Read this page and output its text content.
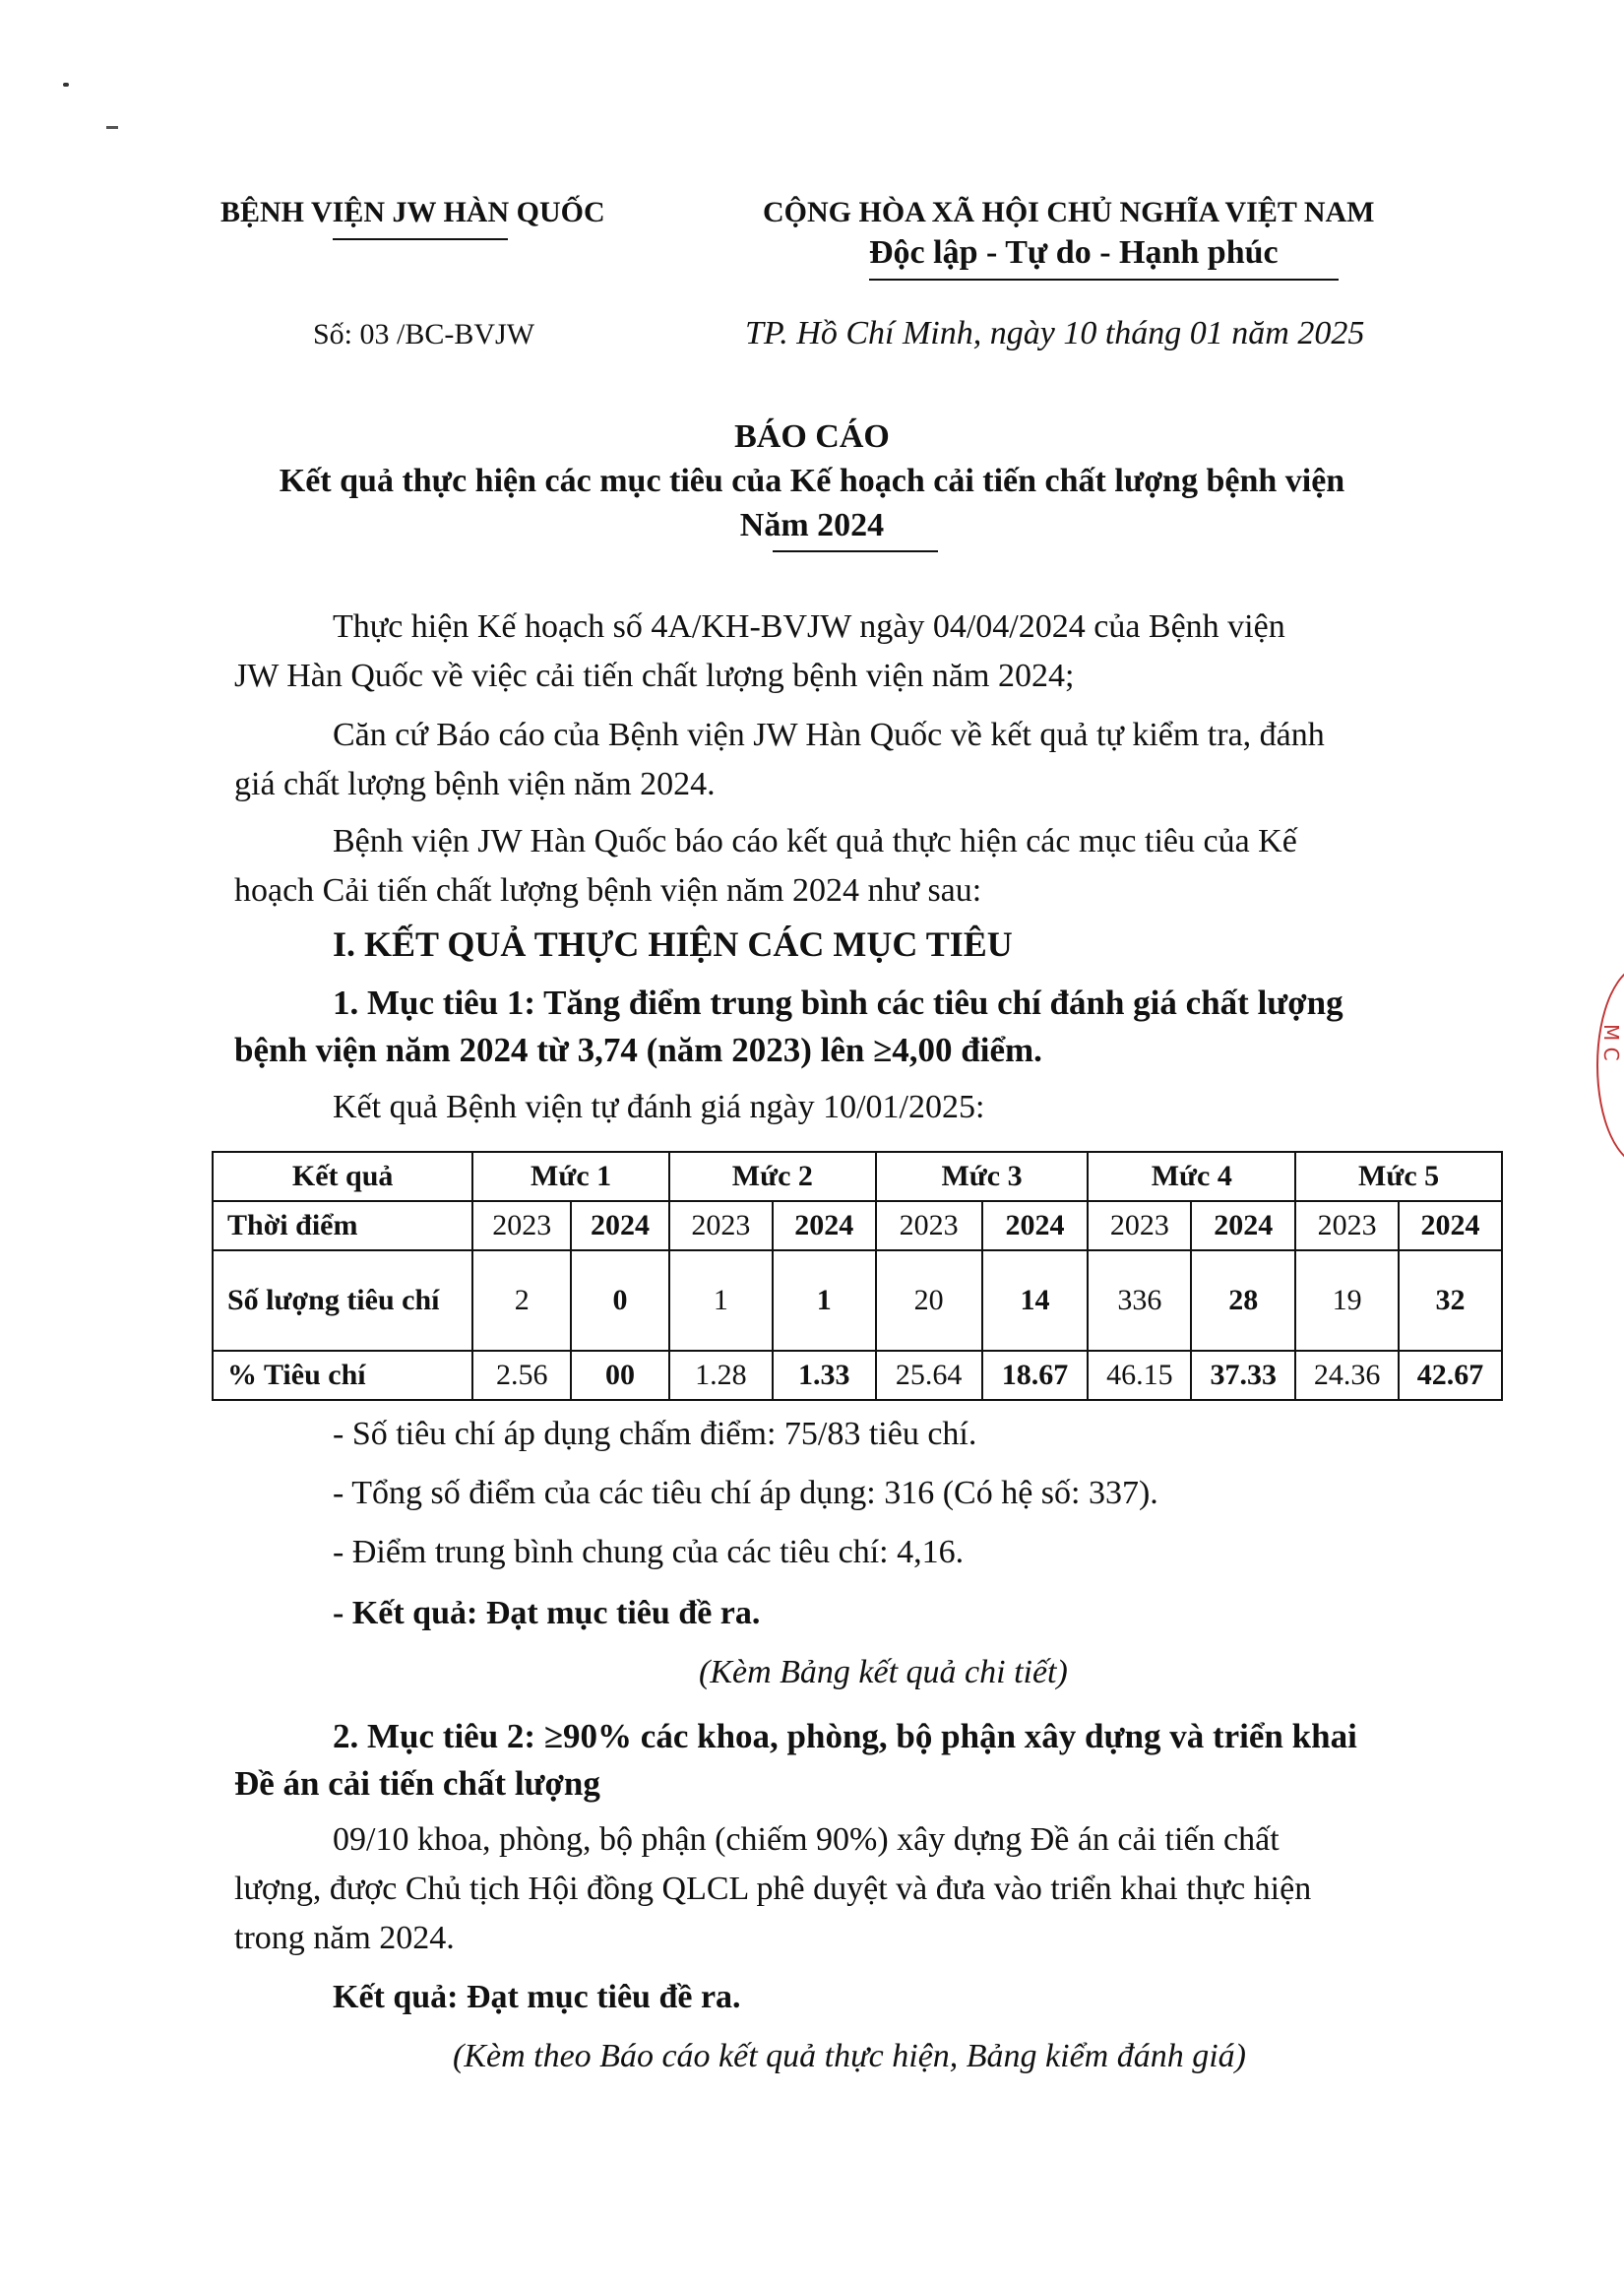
BỆNH VIỆN JW HÀN QUỐC	CỘNG HÒA XÃ HỘI CHỦ NGHĨA VIỆT NAM
Độc lập - Tự do - Hạnh phúc
Số: 03 /BC-BVJW	TP. Hồ Chí Minh, ngày 10 tháng 01 năm 2025
BÁO CÁO
Kết quả thực hiện các mục tiêu của Kế hoạch cải tiến chất lượng bệnh viện
Năm 2024
Thực hiện Kế hoạch số 4A/KH-BVJW ngày 04/04/2024 của Bệnh viện
JW Hàn Quốc về việc cải tiến chất lượng bệnh viện năm 2024;
Căn cứ Báo cáo của Bệnh viện JW Hàn Quốc về kết quả tự kiểm tra, đánh
giá chất lượng bệnh viện năm 2024.
Bệnh viện JW Hàn Quốc báo cáo kết quả thực hiện các mục tiêu của Kế
hoạch Cải tiến chất lượng bệnh viện năm 2024 như sau:
I. KẾT QUẢ THỰC HIỆN CÁC MỤC TIÊU
1. Mục tiêu 1: Tăng điểm trung bình các tiêu chí đánh giá chất lượng
bệnh viện năm 2024 từ 3,74 (năm 2023) lên ≥4,00 điểm.
Kết quả Bệnh viện tự đánh giá ngày 10/01/2025:
Kết quả	Mức 1		Mức 2		Mức 3		Mức 4		Mức 5	
Thời điểm	2023	2024	2023	2024	2023	2024	2023	2024	2023	2024
Số lượng tiêu chí	2	0	1	1	20	14	336	28	19	32
% Tiêu chí	2.56	00	1.28	1.33	25.64	18.67	46.15	37.33	24.36	42.67
- Số tiêu chí áp dụng chấm điểm: 75/83 tiêu chí.
- Tổng số điểm của các tiêu chí áp dụng: 316 (Có hệ số: 337).
- Điểm trung bình chung của các tiêu chí: 4,16.
- Kết quả: Đạt mục tiêu đề ra.
(Kèm Bảng kết quả chi tiết)
2. Mục tiêu 2: ≥90% các khoa, phòng, bộ phận xây dựng và triển khai
Đề án cải tiến chất lượng
09/10 khoa, phòng, bộ phận (chiếm 90%) xây dựng Đề án cải tiến chất
lượng, được Chủ tịch Hội đồng QLCL phê duyệt và đưa vào triển khai thực hiện
trong năm 2024.
Kết quả: Đạt mục tiêu đề ra.
(Kèm theo Báo cáo kết quả thực hiện, Bảng kiểm đánh giá)
M C
